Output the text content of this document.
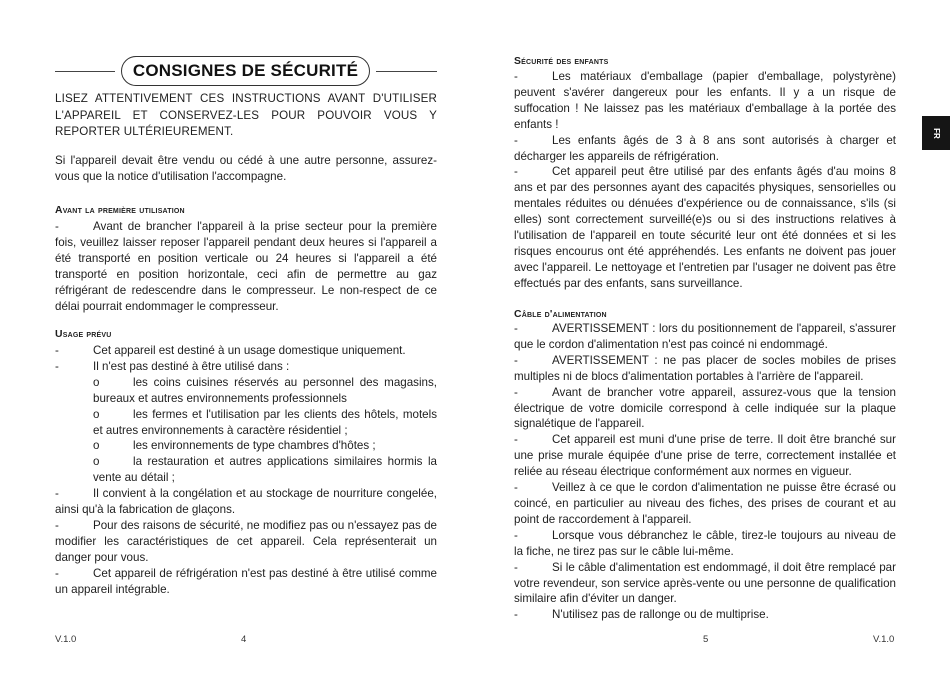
CONSIGNES DE SÉCURITÉ
LISEZ ATTENTIVEMENT CES INSTRUCTIONS AVANT D'UTILISER L'APPAREIL ET CONSERVEZ-LES POUR POUVOIR VOUS Y REPORTER ULTÉRIEUREMENT.
Si l'appareil devait être vendu ou cédé à une autre personne, assurez-vous que la notice d'utilisation l'accompagne.
Avant la première utilisation
-	Avant de brancher l'appareil à la prise secteur pour la première fois, veuillez laisser reposer l'appareil pendant deux heures si l'appareil a été transporté en position verticale ou 24 heures si l'appareil a été transporté en position horizontale, ceci afin de permettre au gaz réfrigérant de redescendre dans le compresseur. Le non-respect de ce délai pourrait endommager le compresseur.
Usage prévu
-	Cet appareil est destiné à un usage domestique uniquement.
-	Il n'est pas destiné à être utilisé dans :
o	les coins cuisines réservés au personnel des magasins, bureaux et autres environnements professionnels
o	les fermes et l'utilisation par les clients des hôtels, motels et autres environnements à caractère résidentiel ;
o	les environnements de type chambres d'hôtes ;
o	la restauration et autres applications similaires hormis la vente au détail ;
-	Il convient à la congélation et au stockage de nourriture congelée, ainsi qu'à la fabrication de glaçons.
-	Pour des raisons de sécurité, ne modifiez pas ou n'essayez pas de modifier les caractéristiques de cet appareil. Cela représenterait un danger pour vous.
-	Cet appareil de réfrigération n'est pas destiné à être utilisé comme un appareil intégrable.
V.1.0	4
Sécurité des enfants
-	Les matériaux d'emballage (papier d'emballage, polystyrène) peuvent s'avérer dangereux pour les enfants. Il y a un risque de suffocation ! Ne laissez pas les matériaux d'emballage à la portée des enfants !
-	Les enfants âgés de 3 à 8 ans sont autorisés à charger et décharger les appareils de réfrigération.
-	Cet appareil peut être utilisé par des enfants âgés d'au moins 8 ans et par des personnes ayant des capacités physiques, sensorielles ou mentales réduites ou dénuées d'expérience ou de connaissance, s'ils (si elles) sont correctement surveillé(e)s ou si des instructions relatives à l'utilisation de l'appareil en toute sécurité leur ont été données et si les risques encourus ont été appréhendés. Les enfants ne doivent pas jouer avec l'appareil. Le nettoyage et l'entretien par l'usager ne doivent pas être effectués par des enfants, sans surveillance.
Câble d'alimentation
-	AVERTISSEMENT : lors du positionnement de l'appareil, s'assurer que le cordon d'alimentation n'est pas coincé ni endommagé.
-	AVERTISSEMENT : ne pas placer de socles mobiles de prises multiples ni de blocs d'alimentation portables à l'arrière de l'appareil.
-	Avant de brancher votre appareil, assurez-vous que la tension électrique de votre domicile correspond à celle indiquée sur la plaque signalétique de l'appareil.
-	Cet appareil est muni d'une prise de terre. Il doit être branché sur une prise murale équipée d'une prise de terre, correctement installée et reliée au réseau électrique conformément aux normes en vigueur.
-	Veillez à ce que le cordon d'alimentation ne puisse être écrasé ou coincé, en particulier au niveau des fiches, des prises de courant et au point de raccordement à l'appareil.
-	Lorsque vous débranchez le câble, tirez-le toujours au niveau de la fiche, ne tirez pas sur le câble lui-même.
-	Si le câble d'alimentation est endommagé, il doit être remplacé par votre revendeur, son service après-vente ou une personne de qualification similaire afin d'éviter un danger.
-	N'utilisez pas de rallonge ou de multiprise.
5	V.1.0
FR
